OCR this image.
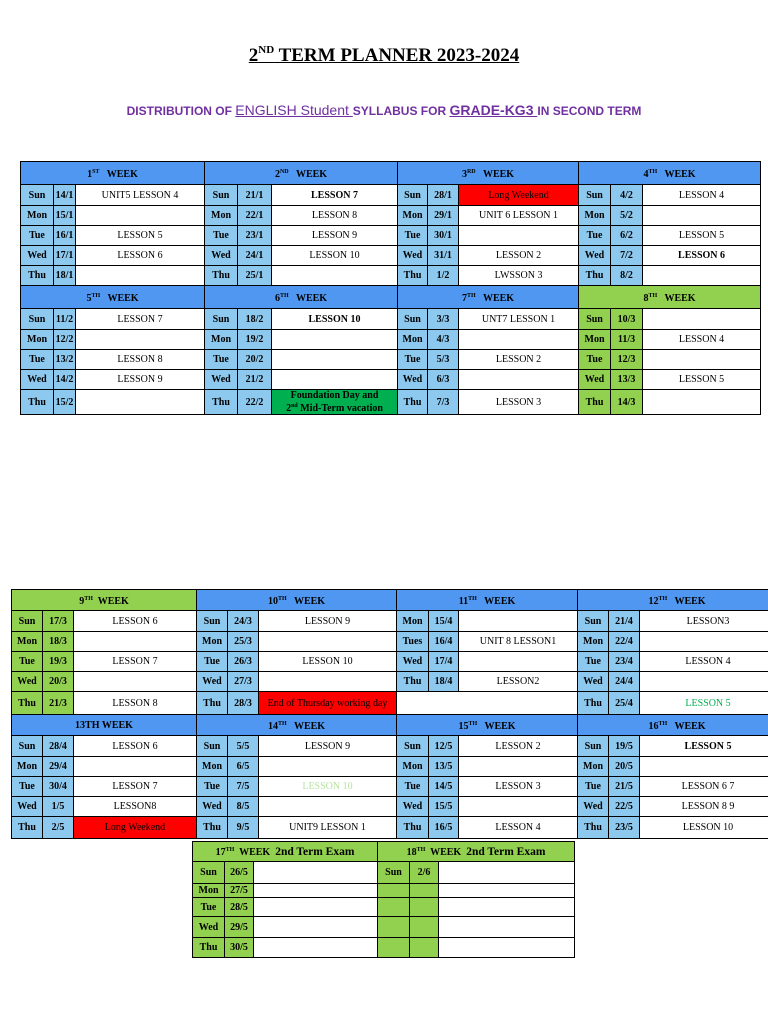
2ND TERM PLANNER 2023-2024
DISTRIBUTION OF ENGLISH Student SYLLABUS FOR GRADE-KG3 IN SECOND TERM
1ST WEEK			2ND WEEK			3RD WEEK			4TH WEEK		
Sun	14/1	UNIT5 LESSON 4	Sun	21/1	LESSON 7	Sun	28/1	Long Weekend	Sun	4/2	LESSON 4
Mon	15/1		Mon	22/1	LESSON 8	Mon	29/1	UNIT 6 LESSON 1	Mon	5/2	
Tue	16/1	LESSON 5	Tue	23/1	LESSON 9	Tue	30/1		Tue	6/2	LESSON 5
Wed	17/1	LESSON 6	Wed	24/1	LESSON 10	Wed	31/1	LESSON 2	Wed	7/2	LESSON 6
Thu	18/1		Thu	25/1		Thu	1/2	LWSSON 3	Thu	8/2	
5TH WEEK			6TH WEEK			7TH WEEK			8TH WEEK		
Sun	11/2	LESSON 7	Sun	18/2	LESSON 10	Sun	3/3	UNT7 LESSON 1	Sun	10/3	
Mon	12/2		Mon	19/2		Mon	4/3		Mon	11/3	LESSON 4
Tue	13/2	LESSON 8	Tue	20/2		Tue	5/3	LESSON 2	Tue	12/3	
Wed	14/2	LESSON 9	Wed	21/2		Wed	6/3		Wed	13/3	LESSON 5
Thu	15/2		Thu	22/2	Foundation Day and
2nd Mid-Term vacation	Thu	7/3	LESSON 3	Thu	14/3	
9TH WEEK			10TH WEEK			11TH WEEK			12TH WEEK		
Sun	17/3	LESSON 6	Sun	24/3	LESSON 9	Mon	15/4		Sun	21/4	LESSON3
Mon	18/3		Mon	25/3		Tues	16/4	UNIT 8 LESSON1	Mon	22/4	
Tue	19/3	LESSON 7	Tue	26/3	LESSON 10	Wed	17/4		Tue	23/4	LESSON 4
Wed	20/3		Wed	27/3		Thu	18/4	LESSON2	Wed	24/4	
Thu	21/3	LESSON 8	Thu	28/3	End of Thursday working day				Thu	25/4	LESSON 5
13TH WEEK			14TH WEEK			15TH WEEK			16TH WEEK		
Sun	28/4	LESSON 6	Sun	5/5	LESSON 9	Sun	12/5	LESSON 2	Sun	19/5	LESSON 5
Mon	29/4		Mon	6/5		Mon	13/5		Mon	20/5	
Tue	30/4	LESSON 7	Tue	7/5	LESSON 10	Tue	14/5	LESSON 3	Tue	21/5	LESSON 6 7
Wed	1/5	LESSON8	Wed	8/5		Wed	15/5		Wed	22/5	LESSON 8 9
Thu	2/5	Long Weekend	Thu	9/5	UNIT9 LESSON 1	Thu	16/5	LESSON 4	Thu	23/5	LESSON 10
17TH WEEK 2nd Term Exam			18TH WEEK 2nd Term Exam		
Sun	26/5		Sun	2/6	
Mon	27/5				
Tue	28/5				
Wed	29/5				
Thu	30/5				
